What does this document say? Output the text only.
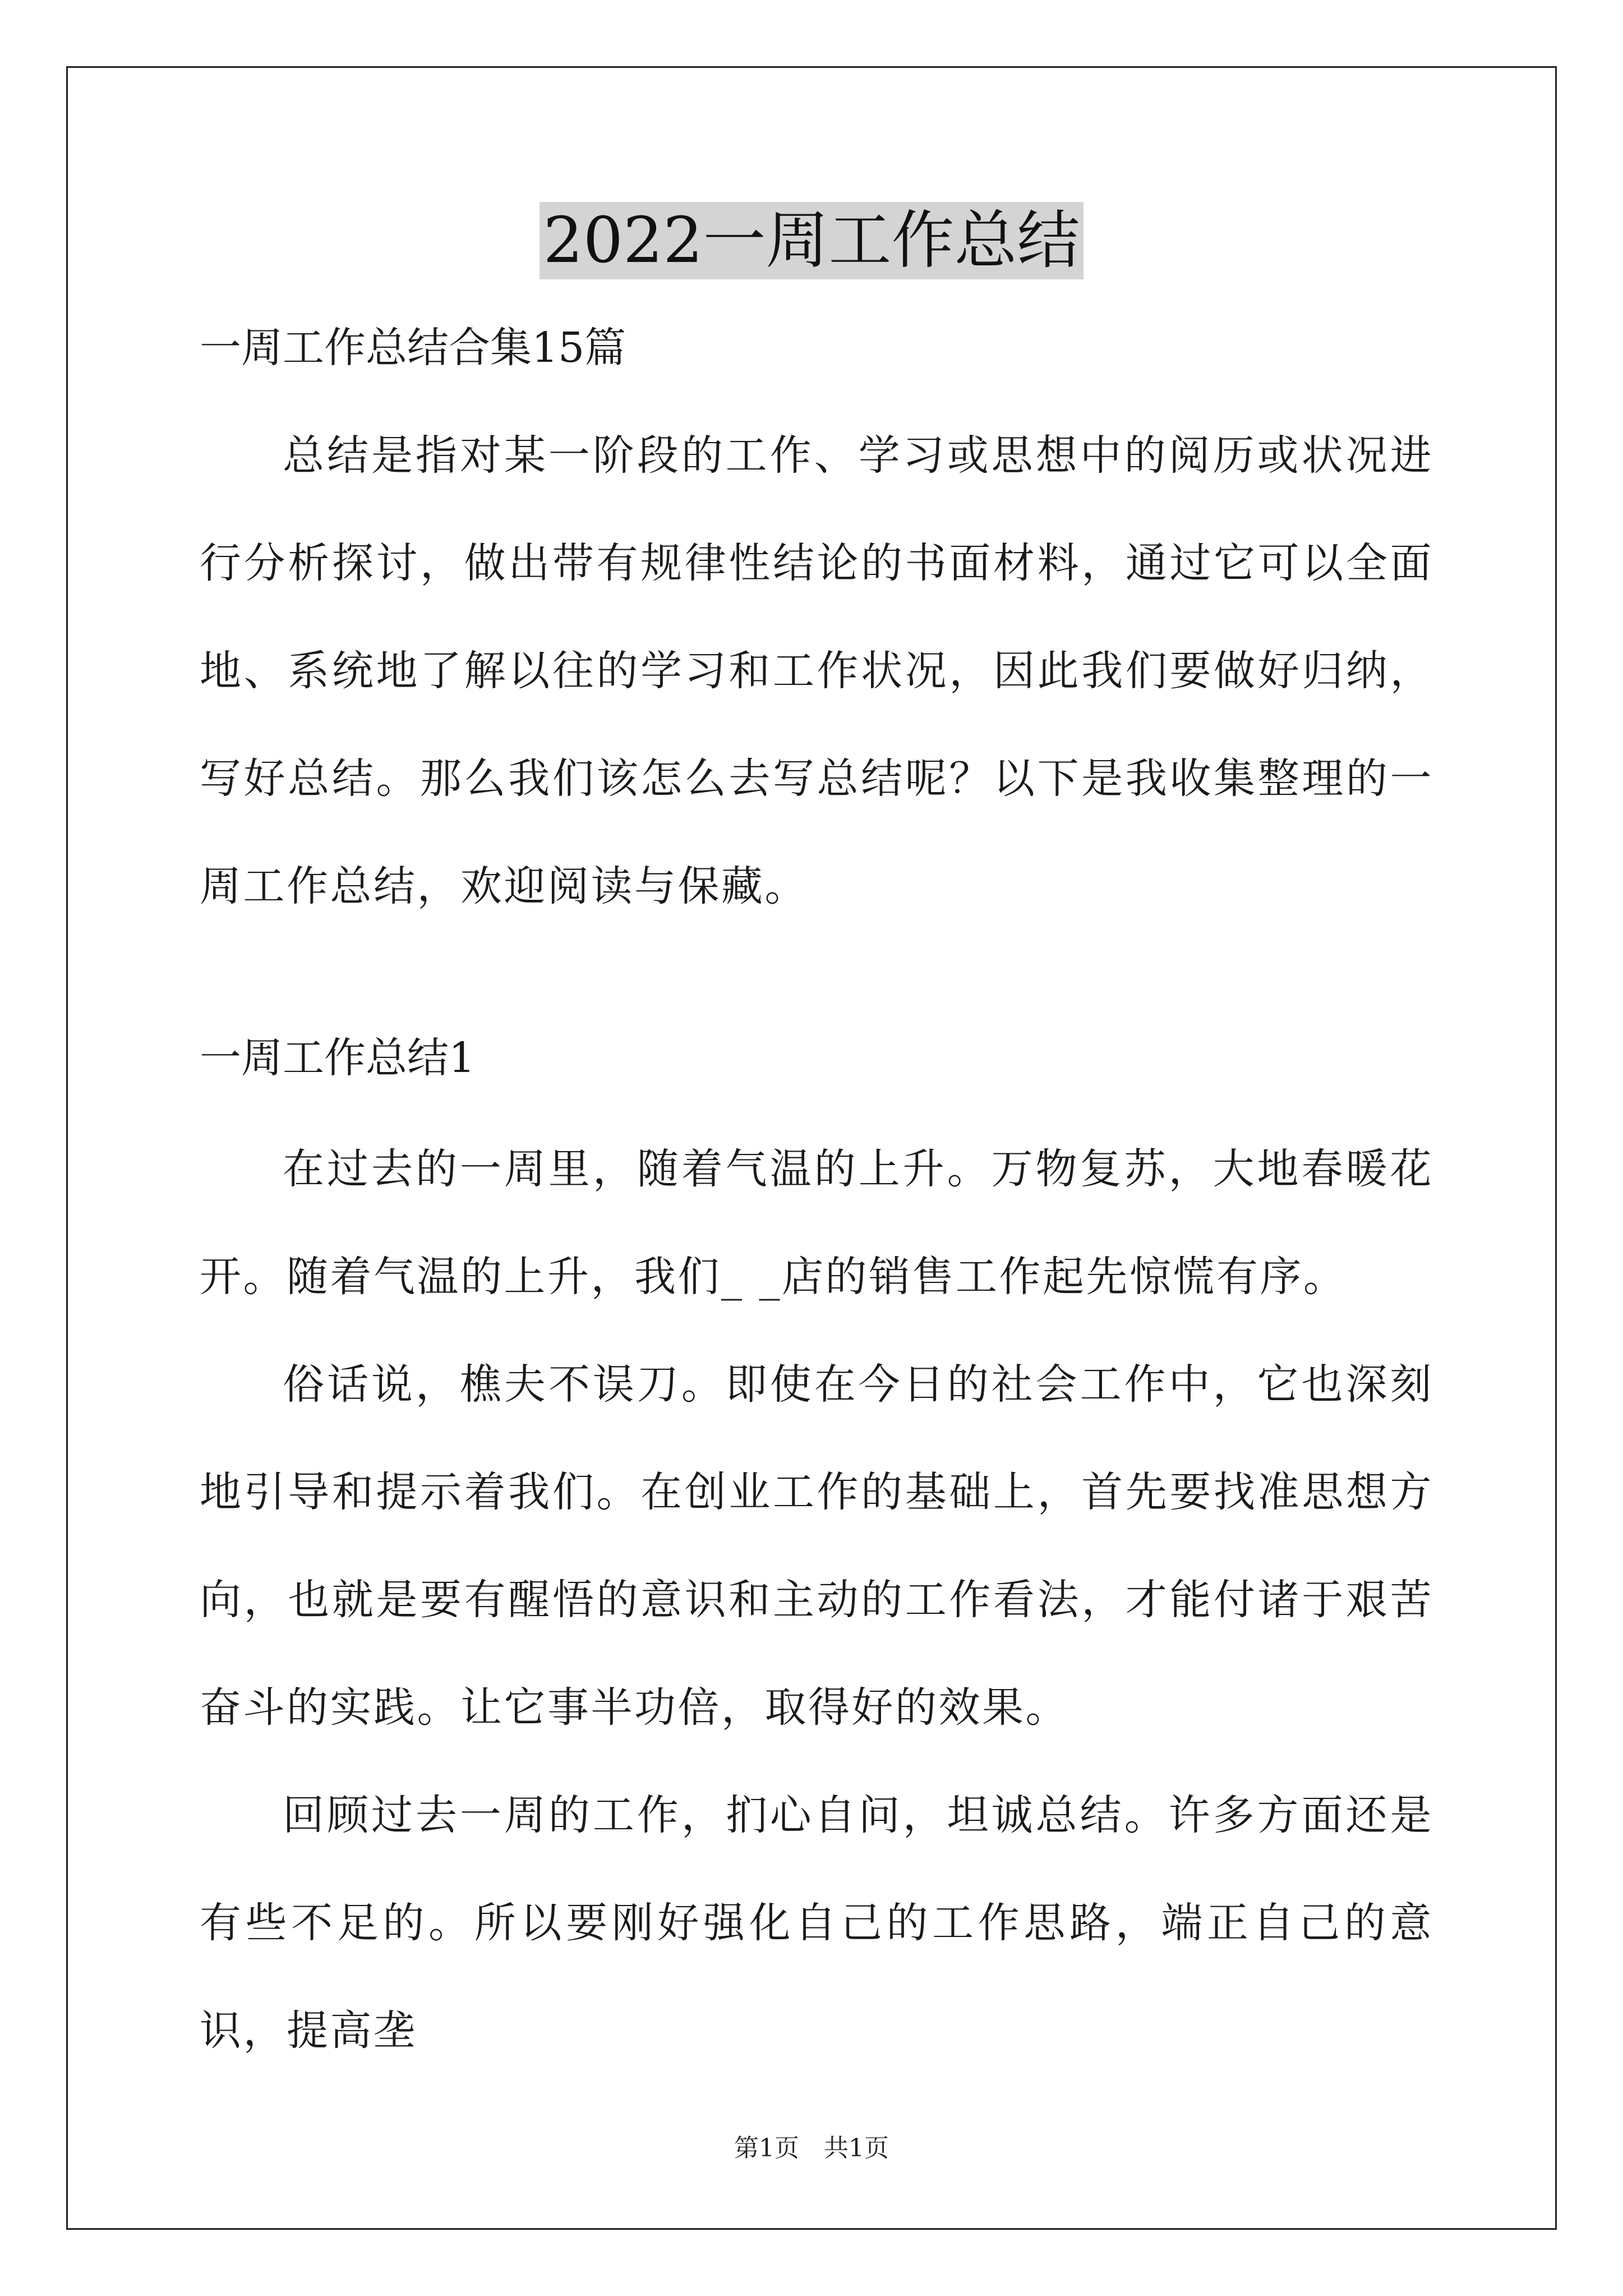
2022一周工作总结

一周工作总结合集15篇

总结是指对某一阶段的工作、学习或思想中的阅历或状况进行分析探讨，做出带有规律性结论的书面材料，通过它可以全面地、系统地了解以往的学习和工作状况，因此我们要做好归纳，写好总结。那么我们该怎么去写总结呢？以下是我收集整理的一周工作总结，欢迎阅读与保藏。

一周工作总结1

在过去的一周里，随着气温的上升。万物复苏，大地春暖花开。随着气温的上升，我们_ _店的销售工作起先惊慌有序。

俗话说，樵夫不误刀。即使在今日的社会工作中，它也深刻地引导和提示着我们。在创业工作的基础上，首先要找准思想方向，也就是要有醒悟的意识和主动的工作看法，才能付诸于艰苦奋斗的实践。让它事半功倍，取得好的效果。

回顾过去一周的工作，扪心自问，坦诚总结。许多方面还是有些不足的。所以要刚好强化自己的工作思路，端正自己的意识，提高垄

第1页 共1页
